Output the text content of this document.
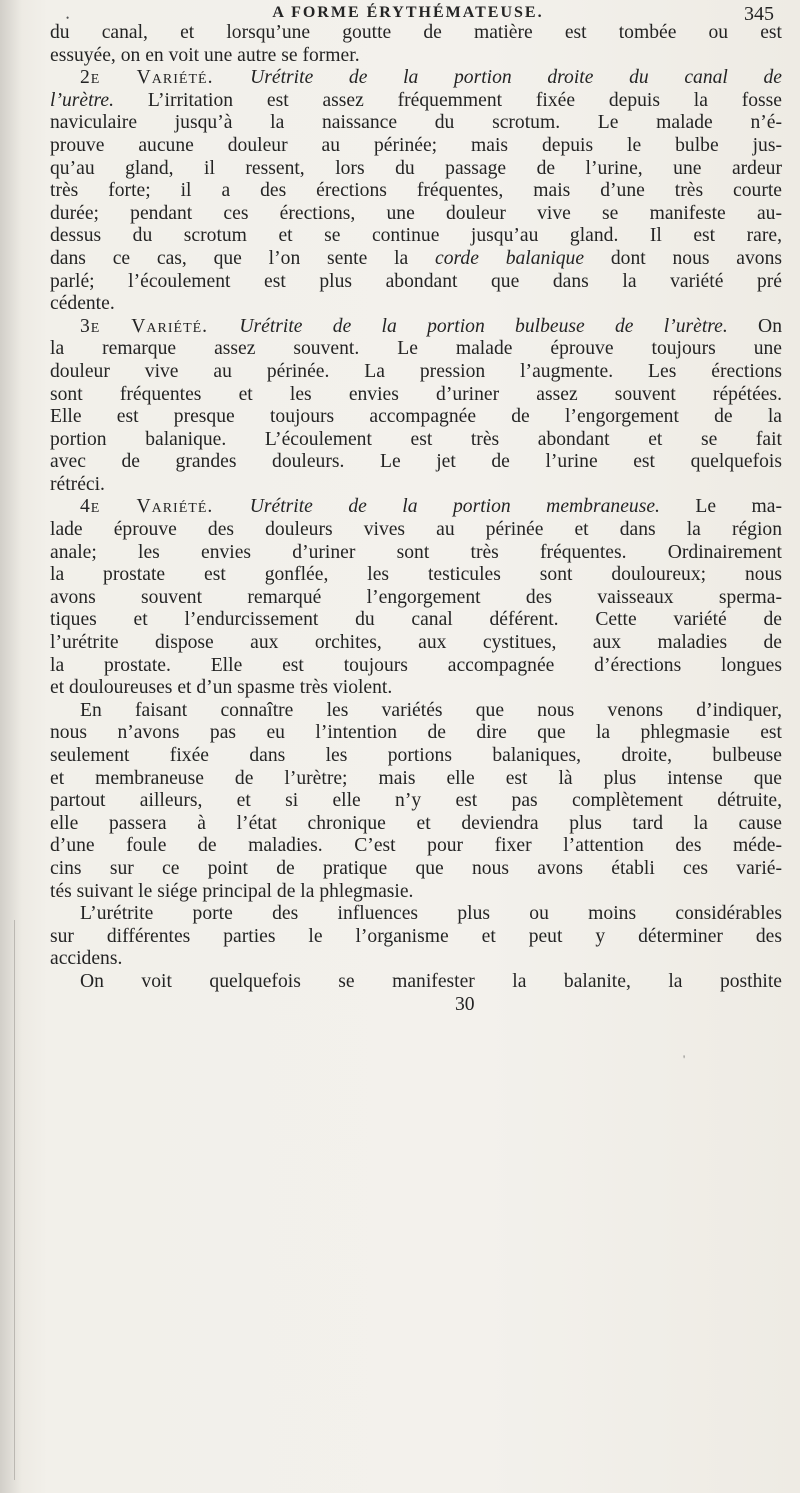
•	A FORME ÉRYTHÉMATEUSE.	345
du canal, et lorsqu’une goutte de matière est tombée ou est
essuyée, on en voit une autre se former.
2e Variété. Urétrite de la portion droite du canal de
l’urètre. L’irritation est assez fréquemment fixée depuis la fosse
naviculaire jusqu’à la naissance du scrotum. Le malade n’é-
prouve aucune douleur au périnée; mais depuis le bulbe jus-
qu’au gland, il ressent, lors du passage de l’urine, une ardeur
très forte; il a des érections fréquentes, mais d’une très courte
durée; pendant ces érections, une douleur vive se manifeste au-
dessus du scrotum et se continue jusqu’au gland. Il est rare,
dans ce cas, que l’on sente la corde balanique dont nous avons
parlé; l’écoulement est plus abondant que dans la variété pré
cédente.
3e Variété. Urétrite de la portion bulbeuse de l’urètre. On
la remarque assez souvent. Le malade éprouve toujours une
douleur vive au périnée. La pression l’augmente. Les érections
sont fréquentes et les envies d’uriner assez souvent répétées.
Elle est presque toujours accompagnée de l’engorgement de la
portion balanique. L’écoulement est très abondant et se fait
avec de grandes douleurs. Le jet de l’urine est quelquefois
rétréci.
4e Variété. Urétrite de la portion membraneuse. Le ma-
lade éprouve des douleurs vives au périnée et dans la région
anale; les envies d’uriner sont très fréquentes. Ordinairement
la prostate est gonflée, les testicules sont douloureux; nous
avons souvent remarqué l’engorgement des vaisseaux sperma-
tiques et l’endurcissement du canal déférent. Cette variété de
l’urétrite dispose aux orchites, aux cystitues, aux maladies de
la prostate. Elle est toujours accompagnée d’érections longues
et douloureuses et d’un spasme très violent.
En faisant connaître les variétés que nous venons d’indiquer,
nous n’avons pas eu l’intention de dire que la phlegmasie est
seulement fixée dans les portions balaniques, droite, bulbeuse
et membraneuse de l’urètre; mais elle est là plus intense que
partout ailleurs, et si elle n’y est pas complètement détruite,
elle passera à l’état chronique et deviendra plus tard la cause
d’une foule de maladies. C’est pour fixer l’attention des méde-
cins sur ce point de pratique que nous avons établi ces varié-
tés suivant le siége principal de la phlegmasie.
L’urétrite porte des influences plus ou moins considérables
sur différentes parties le l’organisme et peut y déterminer des
accidens.
On voit quelquefois se manifester la balanite, la posthite
30
'
